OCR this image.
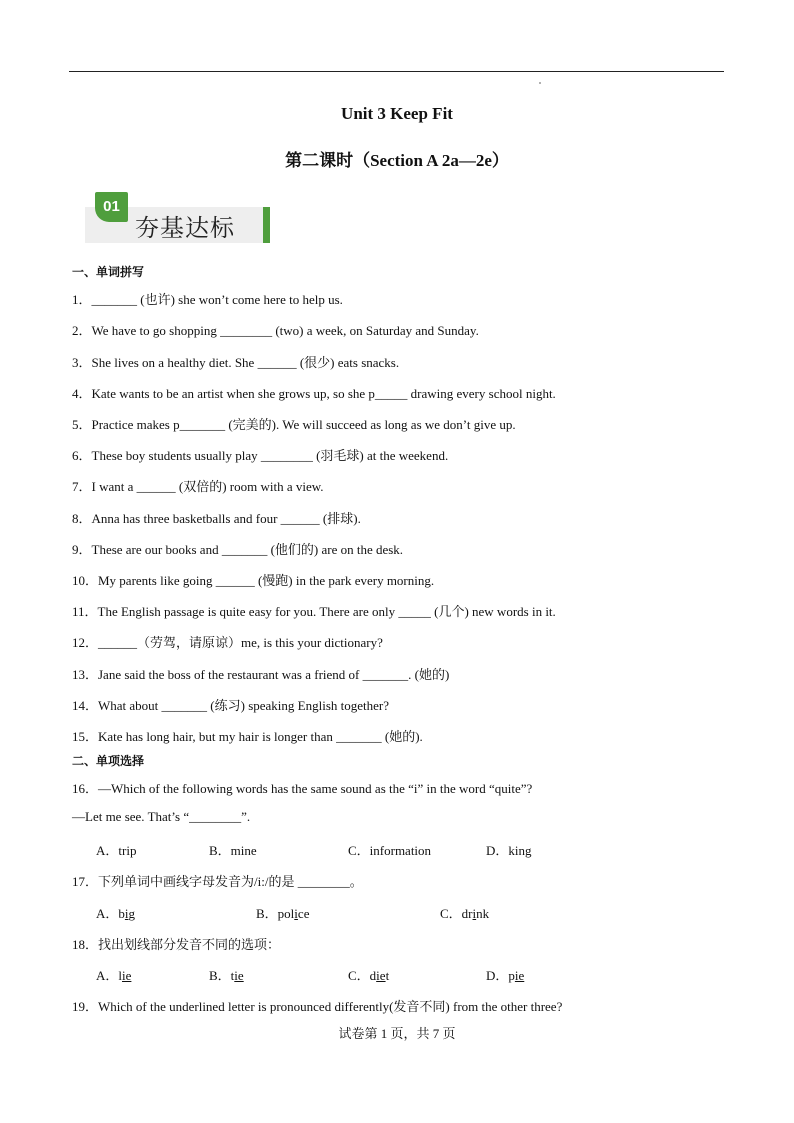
Unit 3 Keep Fit
第二课时（Section A 2a—2e）
01
夯基达标
一、单词拼写
1．_______ (也许) she won’t come here to help us.
2．We have to go shopping ________ (two) a week, on Saturday and Sunday.
3．She lives on a healthy diet. She ______ (很少) eats snacks.
4．Kate wants to be an artist when she grows up, so she p_____ drawing every school night.
5．Practice makes p_______ (完美的). We will succeed as long as we don’t give up.
6．These boy students usually play ________ (羽毛球) at the weekend.
7．I want a ______ (双倍的) room with a view.
8．Anna has three basketballs and four ______ (排球).
9．These are our books and _______ (他们的) are on the desk.
10．My parents like going ______ (慢跑) in the park every morning.
11．The English passage is quite easy for you. There are only _____ (几个) new words in it.
12．______（劳驾，请原谅）me, is this your dictionary?
13．Jane said the boss of the restaurant was a friend of _______. (她的)
14．What about _______ (练习) speaking English together?
15．Kate has long hair, but my hair is longer than _______ (她的).
二、单项选择
16．—Which of the following words has the same sound as the “i” in the word “quite”?
—Let me see. That’s “________”.
A．trip	B．mine	C．information	D．king
17．下列单词中画线字母发音为/i:/的是 ________。
A．big	B．police	C．drink
18．找出划线部分发音不同的选项：
A．lie	B．tie	C．diet	D．pie
19．Which of the underlined letter is pronounced differently(发音不同) from the other three?
试卷第 1 页，共 7 页
